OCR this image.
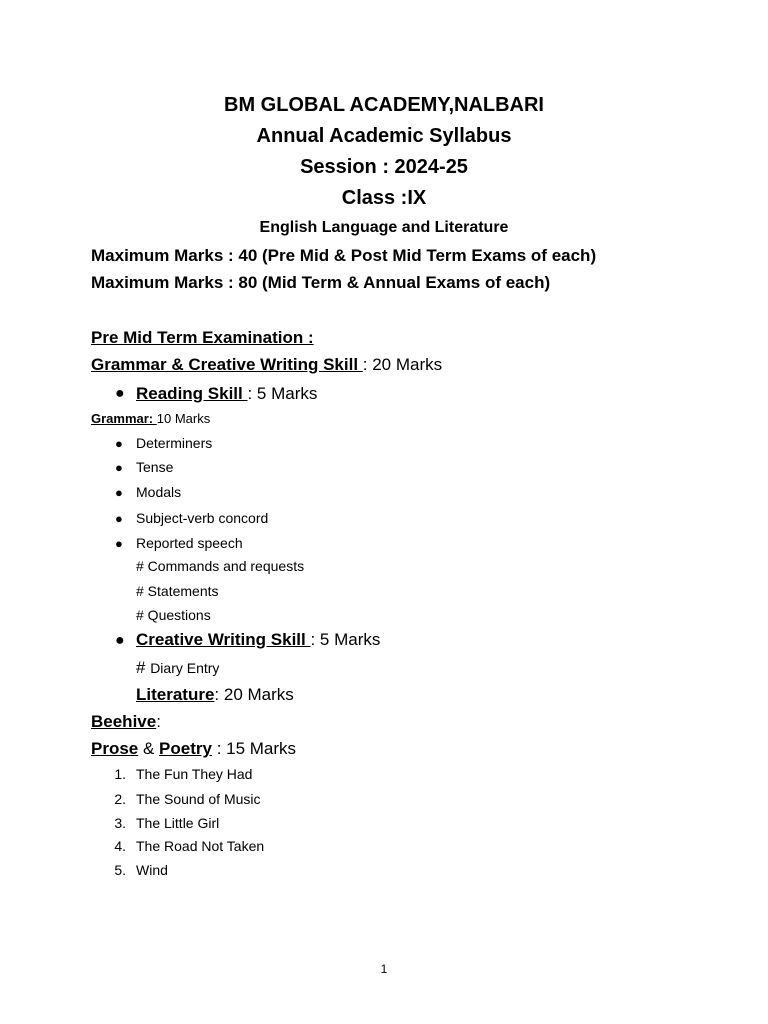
BM GLOBAL ACADEMY,NALBARI
Annual Academic Syllabus
Session : 2024-25
Class :IX
English Language and Literature
Maximum Marks : 40 (Pre Mid & Post Mid Term Exams of each)
Maximum Marks : 80 (Mid Term & Annual Exams of each)
Pre Mid Term Examination :
Grammar & Creative Writing Skill : 20 Marks
● Reading Skill : 5 Marks
Grammar: 10 Marks
● Determiners
● Tense
● Modals
● Subject-verb concord
● Reported speech
# Commands and requests
# Statements
# Questions
● Creative Writing Skill : 5 Marks
# Diary Entry
Literature: 20 Marks
Beehive:
Prose & Poetry : 15 Marks
1. The Fun They Had
2. The Sound of Music
3. The Little Girl
4. The Road Not Taken
5. Wind
1
